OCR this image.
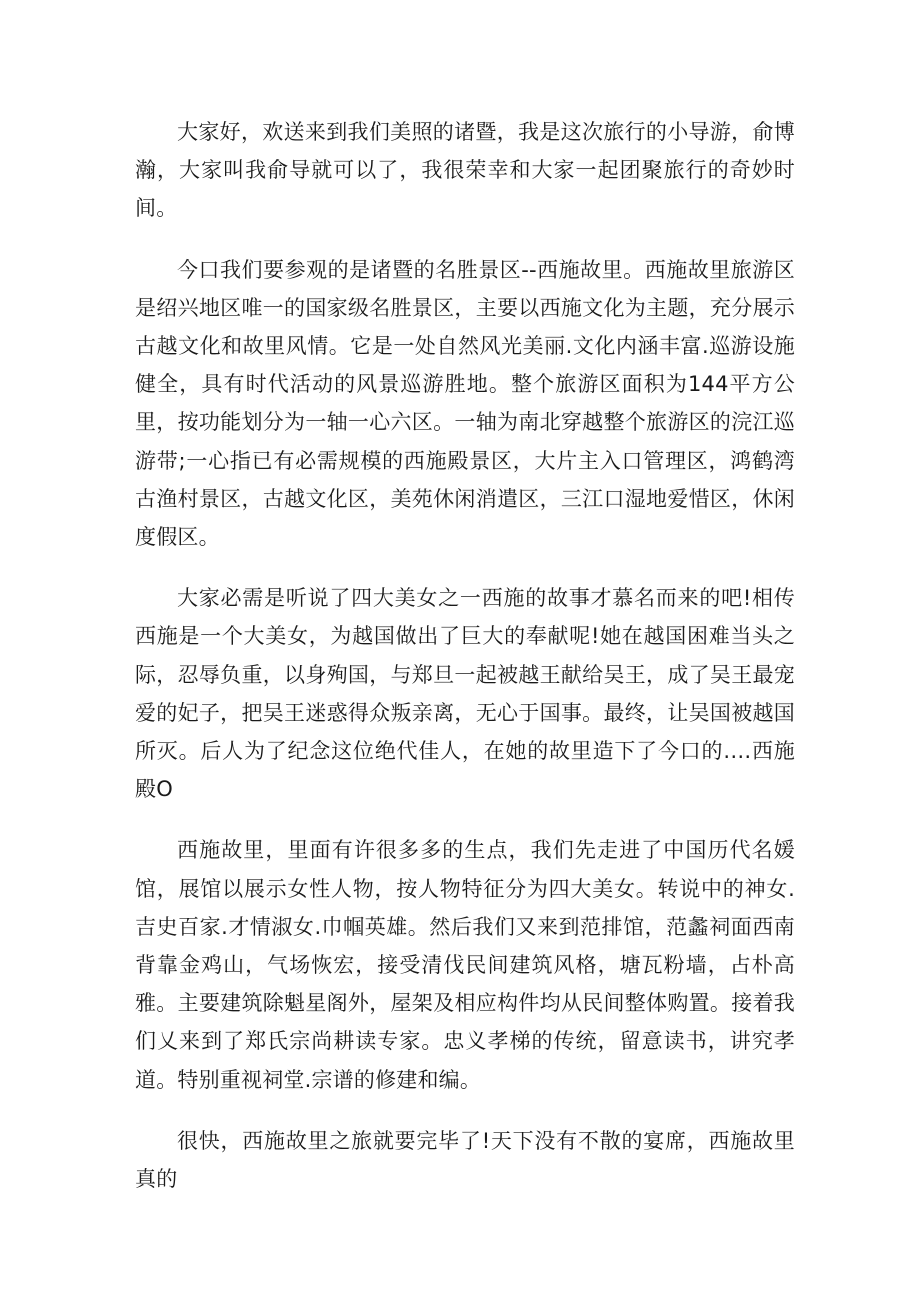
大家好，欢送来到我们美照的诸暨，我是这次旅行的小导游，俞博瀚，大家叫我俞导就可以了，我很荣幸和大家一起团聚旅行的奇妙时间。

今口我们要参观的是诸暨的名胜景区--西施故里。西施故里旅游区是绍兴地区唯一的国家级名胜景区，主要以西施文化为主题，充分展示古越文化和故里风情。它是一处自然风光美丽.文化内涵丰富.巡游设施健全，具有时代活动的风景巡游胜地。整个旅游区面积为144平方公里，按功能划分为一轴一心六区。一轴为南北穿越整个旅游区的浣江巡游带;一心指已有必需规模的西施殿景区，大片主入口管理区，鸿鹤湾古渔村景区，古越文化区，美苑休闲消遣区，三江口湿地爱惜区，休闲度假区。

大家必需是听说了四大美女之一西施的故事才慕名而来的吧!相传西施是一个大美女，为越国做出了巨大的奉献呢!她在越国困难当头之际，忍辱负重，以身殉国，与郑旦一起被越王献给吴王，成了吴王最宠爱的妃子，把吴王迷惑得众叛亲离，无心于国事。最终，让吴国被越国所灭。后人为了纪念这位绝代佳人，在她的故里造下了今口的.…西施殿O

西施故里，里面有许很多多的生点，我们先走进了中国历代名媛馆，展馆以展示女性人物，按人物特征分为四大美女。转说中的神女.吉史百家.才情淑女.巾帼英雄。然后我们又来到范排馆，范蠡祠面西南背靠金鸡山，气场恢宏，接受清伐民间建筑风格，塘瓦粉墙，占朴高雅。主要建筑除魁星阁外，屋架及相应构件均从民间整体购置。接着我们乂来到了郑氏宗尚耕读专家。忠义孝梯的传统，留意读书，讲究孝道。特别重视祠堂.宗谱的修建和编。

很快，西施故里之旅就要完毕了!天下没有不散的宴席，西施故里真的
